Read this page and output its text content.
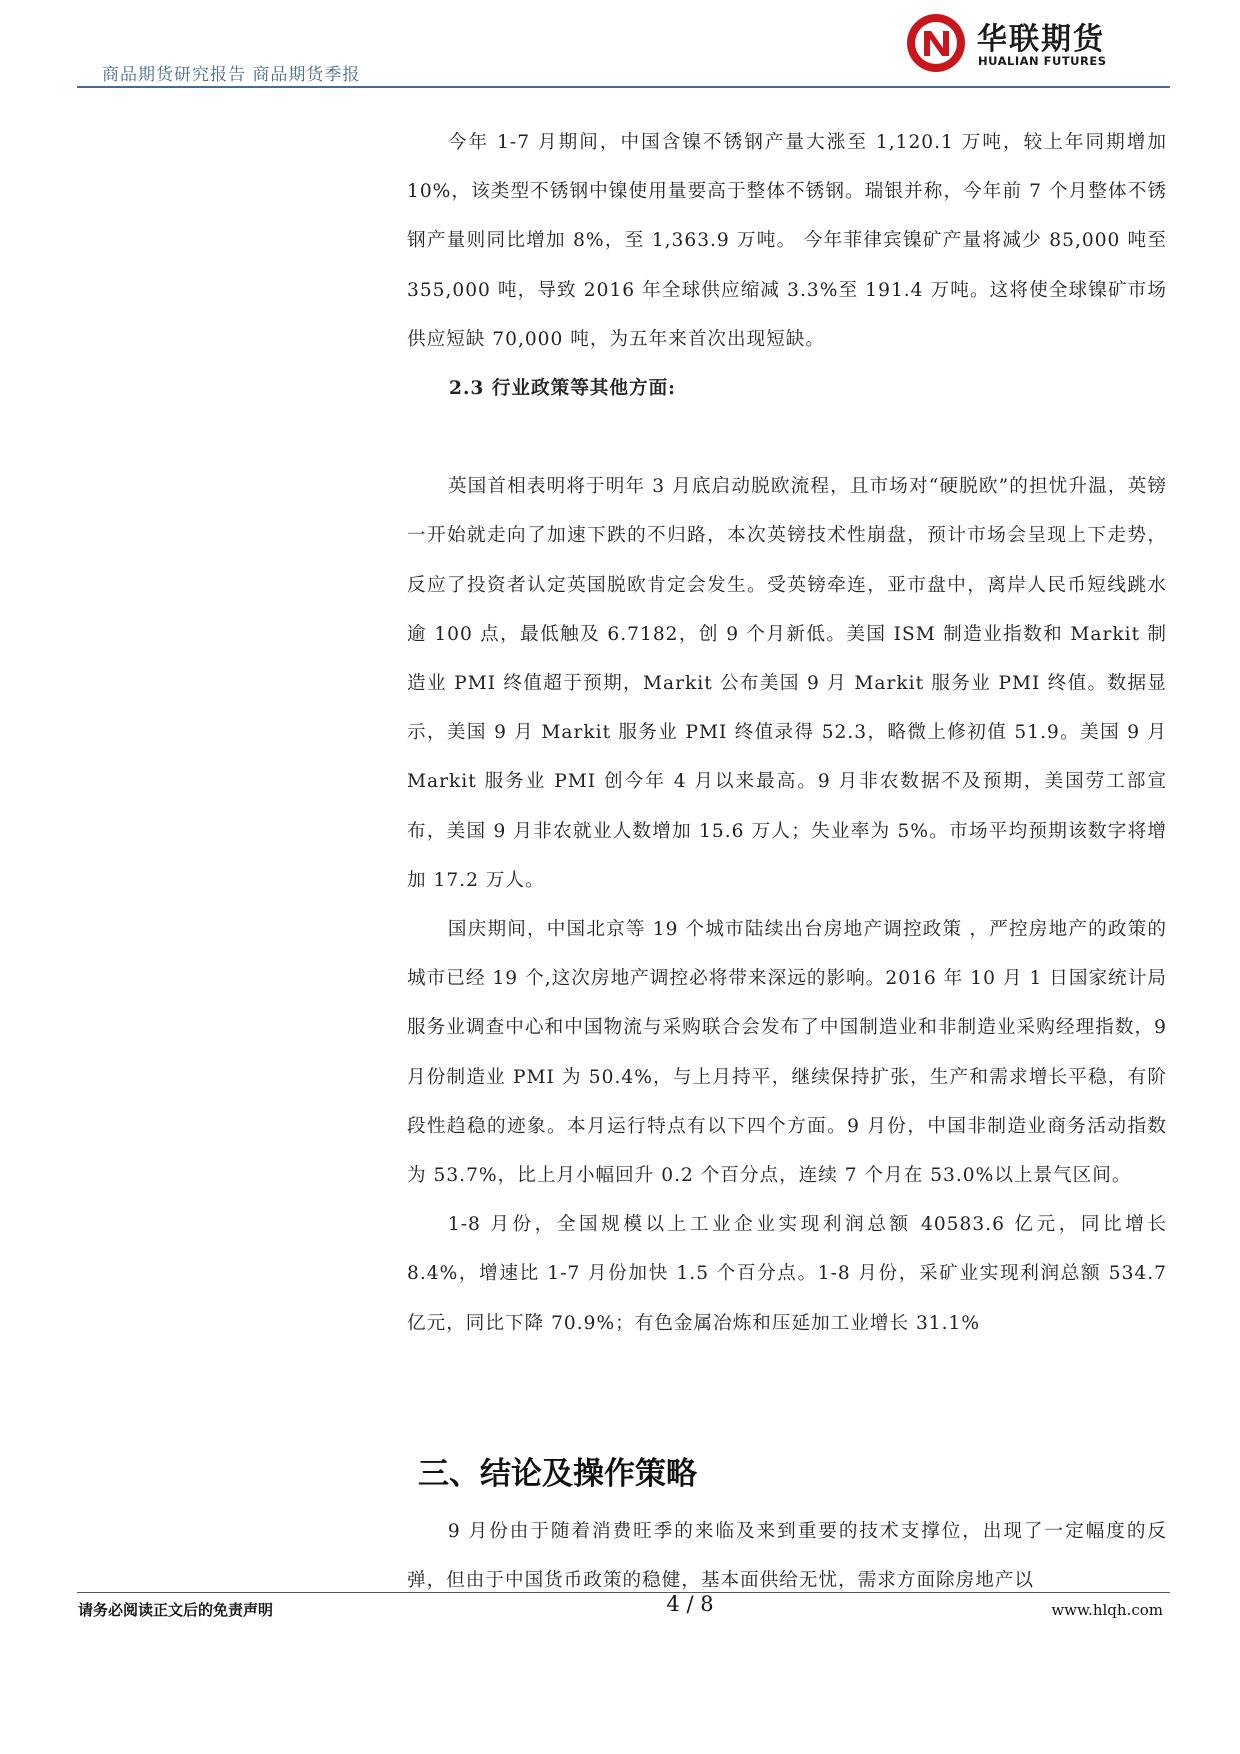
商品期货研究报告 商品期货季报
华联期货
HUALIAN FUTURES

今年 1-7 月期间，中国含镍不锈钢产量大涨至 1,120.1 万吨，较上年同期增加 10%，该类型不锈钢中镍使用量要高于整体不锈钢。瑞银并称，今年前 7 个月整体不锈钢产量则同比增加 8%，至 1,363.9 万吨。 今年菲律宾镍矿产量将减少 85,000 吨至 355,000 吨，导致 2016 年全球供应缩减 3.3%至 191.4 万吨。这将使全球镍矿市场供应短缺 70,000 吨，为五年来首次出现短缺。

2.3 行业政策等其他方面:

英国首相表明将于明年 3 月底启动脱欧流程，且市场对“硬脱欧”的担忧升温，英镑一开始就走向了加速下跌的不归路，本次英镑技术性崩盘，预计市场会呈现上下走势，反应了投资者认定英国脱欧肯定会发生。受英镑牵连，亚市盘中，离岸人民币短线跳水逾 100 点，最低触及 6.7182，创 9 个月新低。美国 ISM 制造业指数和 Markit 制造业 PMI 终值超于预期，Markit 公布美国 9 月 Markit 服务业 PMI 终值。数据显示，美国 9 月 Markit 服务业 PMI 终值录得 52.3，略微上修初值 51.9。美国 9 月 Markit 服务业 PMI 创今年 4 月以来最高。9 月非农数据不及预期，美国劳工部宣布，美国 9 月非农就业人数增加 15.6 万人；失业率为 5%。市场平均预期该数字将增加 17.2 万人。

国庆期间，中国北京等 19 个城市陆续出台房地产调控政策 ，严控房地产的政策的城市已经 19 个,这次房地产调控必将带来深远的影响。2016 年 10 月 1 日国家统计局服务业调查中心和中国物流与采购联合会发布了中国制造业和非制造业采购经理指数，9 月份制造业 PMI 为 50.4%，与上月持平，继续保持扩张，生产和需求增长平稳，有阶段性趋稳的迹象。本月运行特点有以下四个方面。9 月份，中国非制造业商务活动指数为 53.7%，比上月小幅回升 0.2 个百分点，连续 7 个月在 53.0%以上景气区间。

1-8 月份，全国规模以上工业企业实现利润总额 40583.6 亿元，同比增长 8.4%，增速比 1-7 月份加快 1.5 个百分点。1-8 月份，采矿业实现利润总额 534.7 亿元，同比下降 70.9%；有色金属冶炼和压延加工业增长 31.1%

三、结论及操作策略

9 月份由于随着消费旺季的来临及来到重要的技术支撑位，出现了一定幅度的反弹，但由于中国货币政策的稳健，基本面供给无忧，需求方面除房地产以

请务必阅读正文后的免责声明	4 / 8	www.hlqh.com
